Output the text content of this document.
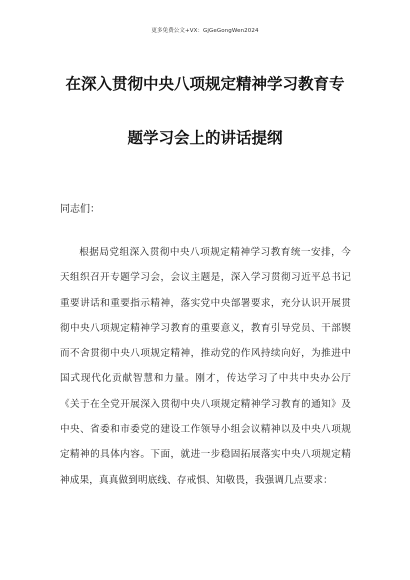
更多免费公文+VX：GjGeGongWen2024
在深入贯彻中央八项规定精神学习教育专
题学习会上的讲话提纲
同志们：
根据局党组深入贯彻中央八项规定精神学习教育统一安排，今天组织召开专题学习会，会议主题是，深入学习贯彻习近平总书记重要讲话和重要指示精神，落实党中央部署要求，充分认识开展贯彻中央八项规定精神学习教育的重要意义，教育引导党员、干部锲而不舍贯彻中央八项规定精神，推动党的作风持续向好，为推进中国式现代化贡献智慧和力量。刚才，传达学习了中共中央办公厅《关于在全党开展深入贯彻中央八项规定精神学习教育的通知》及中央、省委和市委党的建设工作领导小组会议精神以及中央八项规定精神的具体内容。下面，就进一步稳固拓展落实中央八项规定精神成果，真真做到明底线、存戒惧、知敬畏，我强调几点要求：
